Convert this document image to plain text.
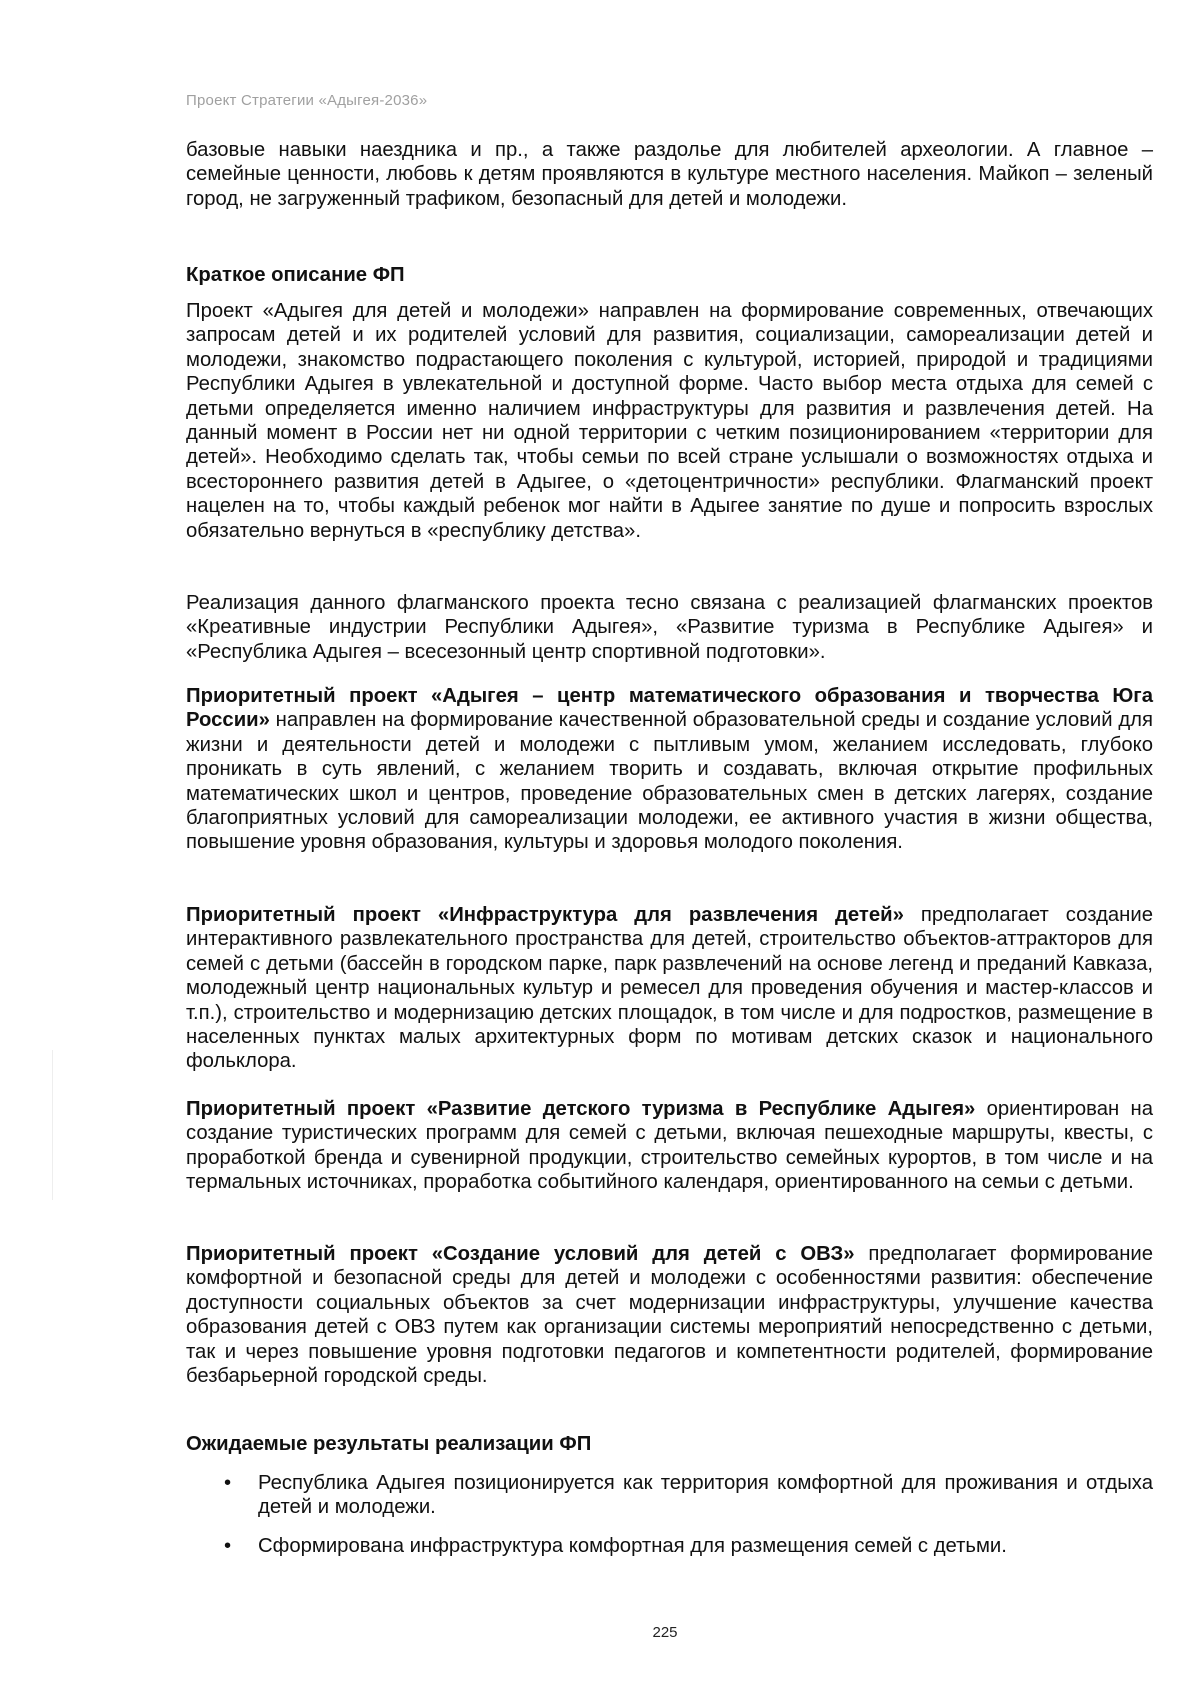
Проект Стратегии «Адыгея-2036»

базовые навыки наездника и пр., а также раздолье для любителей археологии. А главное – семейные ценности, любовь к детям проявляются в культуре местного населения. Майкоп – зеленый город, не загруженный трафиком, безопасный для детей и молодежи.

Краткое описание ФП

Проект «Адыгея для детей и молодежи» направлен на формирование современных, отвечающих запросам детей и их родителей условий для развития, социализации, самореализации детей и молодежи, знакомство подрастающего поколения с культурой, историей, природой и традициями Республики Адыгея в увлекательной и доступной форме. Часто выбор места отдыха для семей с детьми определяется именно наличием инфраструктуры для развития и развлечения детей. На данный момент в России нет ни одной территории с четким позиционированием «территории для детей». Необходимо сделать так, чтобы семьи по всей стране услышали о возможностях отдыха и всестороннего развития детей в Адыгее, о «детоцентричности» республики. Флагманский проект нацелен на то, чтобы каждый ребенок мог найти в Адыгее занятие по душе и попросить взрослых обязательно вернуться в «республику детства».

Реализация данного флагманского проекта тесно связана с реализацией флагманских проектов «Креативные индустрии Республики Адыгея», «Развитие туризма в Республике Адыгея» и «Республика Адыгея – всесезонный центр спортивной подготовки».

Приоритетный проект «Адыгея – центр математического образования и творчества Юга России» направлен на формирование качественной образовательной среды и создание условий для жизни и деятельности детей и молодежи с пытливым умом, желанием исследовать, глубоко проникать в суть явлений, с желанием творить и создавать, включая открытие профильных математических школ и центров, проведение образовательных смен в детских лагерях, создание благоприятных условий для самореализации молодежи, ее активного участия в жизни общества, повышение уровня образования, культуры и здоровья молодого поколения.

Приоритетный проект «Инфраструктура для развлечения детей» предполагает создание интерактивного развлекательного пространства для детей, строительство объектов-аттракторов для семей с детьми (бассейн в городском парке, парк развлечений на основе легенд и преданий Кавказа, молодежный центр национальных культур и ремесел для проведения обучения и мастер-классов и т.п.), строительство и модернизацию детских площадок, в том числе и для подростков, размещение в населенных пунктах малых архитектурных форм по мотивам детских сказок и национального фольклора.

Приоритетный проект «Развитие детского туризма в Республике Адыгея» ориентирован на создание туристических программ для семей с детьми, включая пешеходные маршруты, квесты, с проработкой бренда и сувенирной продукции, строительство семейных курортов, в том числе и на термальных источниках, проработка событийного календаря, ориентированного на семьи с детьми.

Приоритетный проект «Создание условий для детей с ОВЗ» предполагает формирование комфортной и безопасной среды для детей и молодежи с особенностями развития: обеспечение доступности социальных объектов за счет модернизации инфраструктуры, улучшение качества образования детей с ОВЗ путем как организации системы мероприятий непосредственно с детьми, так и через повышение уровня подготовки педагогов и компетентности родителей, формирование безбарьерной городской среды.

Ожидаемые результаты реализации ФП
• Республика Адыгея позиционируется как территория комфортной для проживания и отдыха детей и молодежи.
• Сформирована инфраструктура комфортная для размещения семей с детьми.
225
